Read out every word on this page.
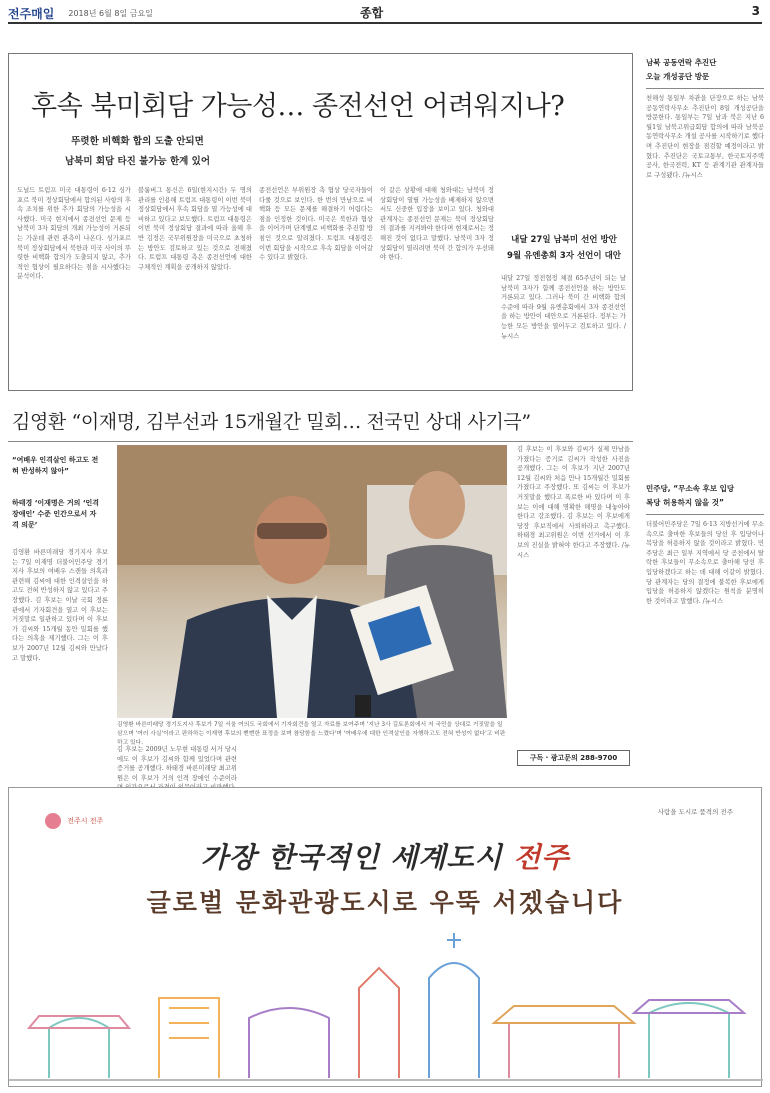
전주매일 2018년 6월 8일 금요일	종합	3
후속 북미회담 가능성… 종전선언 어려워지나?
뚜렷한 비핵화 합의 도출 안되면
남북미 회담 타진 불가능 한계 있어
도널드 트럼프 미국 대통령이 6·12 싱가포르 북미 정상회담에서 합의된 사항의 후속 조치를 위한 추가 회담의 가능성을 시사했다. 미국 현지에서 종전선언 문제 등 남북미 3자 회담의 개최 가능성이 거론되는 가운데 관련 관측이 나온다. 싱가포르 북미 정상회담에서 북한과 미국 사이의 뚜렷한 비핵화 합의가 도출되지 않고, 추가적인 협상이 필요하다는 점을 시사했다는 분석이다.
블룸버그 통신은 6일(현지시간) 두 명의 관리를 인용해 트럼프 대통령이 이번 북미 정상회담에서 후속 회담을 열 가능성에 대비하고 있다고 보도했다. 트럼프 대통령은 이번 북미 정상회담 결과에 따라 올해 후반 김정은 국무위원장을 미국으로 초청하는 방안도 검토하고 있는 것으로 전해졌다. 트럼프 대통령 측은 종전선언에 대한 구체적인 계획을 공개하지 않았다.
종전선언은 부위원장 측 협상 당국자들이 다룰 것으로 보인다. 한 번의 만남으로 비핵화 등 모든 문제를 해결하기 어렵다는 점을 인정한 것이다. 미국은 북한과 협상을 이어가며 단계별로 비핵화를 추진할 방침인 것으로 알려졌다. 트럼프 대통령은 이번 회담을 시작으로 후속 회담을 이어갈 수 있다고 밝혔다.
이 같은 상황에 대해 청와대는 남북미 정상회담이 열릴 가능성을 배제하지 않으면서도 신중한 입장을 보이고 있다. 청와대 관계자는 종전선언 문제는 북미 정상회담의 결과를 지켜봐야 한다며 현재로서는 정해진 것이 없다고 말했다. 남북미 3자 정상회담이 열리려면 북미 간 합의가 우선돼야 한다.
내달 27일 남북미 선언 방안
9월 유엔총회 3자 선언이 대안
내달 27일 정전협정 체결 65주년이 되는 날 남북미 3자가 함께 종전선언을 하는 방안도 거론되고 있다. 그러나 북미 간 비핵화 합의 수준에 따라 9월 유엔총회에서 3자 종전선언을 하는 방안이 대안으로 거론된다. 정부는 가능한 모든 방안을 열어두고 검토하고 있다. /뉴시스
김영환 “이재명, 김부선과 15개월간 밀회… 전국민 상대 사기극”
“여배우 인격살인 하고도 전혀 반성하지 않아”
하태경 ‘이재명은 거의 ‘인격 장애인’ 수준 인간으로서 자격 의문’
김영환 바른미래당 경기지사 후보는 7일 이재명 더불어민주당 경기지사 후보의 여배우 스캔들 의혹과 관련해 김씨에 대한 인격살인을 하고도 전혀 반성하지 않고 있다고 주장했다. 김 후보는 이날 국회 정론관에서 기자회견을 열고 이 후보는 거짓말로 일관하고 있다며 이 후보가 김씨와 15개월 동안 밀회를 했다는 의혹을 제기했다. 그는 이 후보가 2007년 12월 김씨와 만났다고 말했다.
김영환 바른미래당 경기도지사 후보가 7일 서울 여의도 국회에서 기자회견을 열고 자료를 보여주며 '지난 3사 길토론회에서 저 국민을 상대로 거짓말을 일삼으며 '여러 사실'이라고 판하하는 이재명 후보의 뻔뻔한 표정을 보며 참담함을 느꼈다'며 '여배우에 대한 인격살인을 자행하고도 전혀 반성이 없다'고 비판하고 있다.
김 후보는 2009년 노무현 대통령 서거 당시에도 이 후보가 김씨와 함께 있었다며 관련 증거를 공개했다. 하태경 바른미래당 최고위원은 이 후보가 거의 인격 장애인 수준이라
김 후보는 이 후보와 김씨가 실제 만남을 가졌다는 증거로 김씨가 작성한 사진을 공개했다. 그는 이 후보가 지난 2007년 12월 김씨와 처음 만나 15개월간 밀회를 가졌다고 주장했다. 또 김씨는 이 후보가 거짓말을 했다고 폭로한 바 있다며 이 후보는 이에 대해 명확한 해명을 내놓아야 한다고 강조했다. 김 후보는 이 후보에게 당장 후보직에서 사퇴하라고 촉구했다. 하태경 최고위원은 이번 선거에서 이 후보의 진실을 밝혀야 한다고 주장했다. /뉴시스
구독 · 광고문의 288-9700
남북 공동연락 추진단
오늘 개성공단 방문
천해성 통일부 차관을 단장으로 하는 남북공동연락사무소 추진단이 8일 개성공단을 방문한다. 통일부는 7일 남과 북은 지난 6월1일 남북고위급회담 합의에 따라 남북공동연락사무소 개설 공사를 시작하기로 했다며 추진단이 현장을 점검할 예정이라고 밝혔다. 추진단은 국토교통부, 한국토지주택공사, 한국전력, KT 등 관계기관 관계자들로 구성됐다. /뉴시스
민주당, “무소속 후보 입당
복당 허용하지 않을 것”
더불어민주당은 7일 6·13 지방선거에 무소속으로 출마한 후보들의 당선 후 입당이나 복당을 허용하지 않을 것이라고 밝혔다. 민주당은 최근 일부 지역에서 당 공천에서 탈락한 후보들이 무소속으로 출마해 당선 후 입당하겠다고 하는 데 대해 이같이 밝혔다. 당 관계자는 당의 결정에 불복한 후보에게 입당을 허용하지 않겠다는 원칙을 분명히 한 것이라고 말했다. /뉴시스
전주시 전주
사람을 도시로 품격의 전주
가장 한국적인 세계도시 전주
글로벌 문화관광도시로 우뚝 서겠습니다
